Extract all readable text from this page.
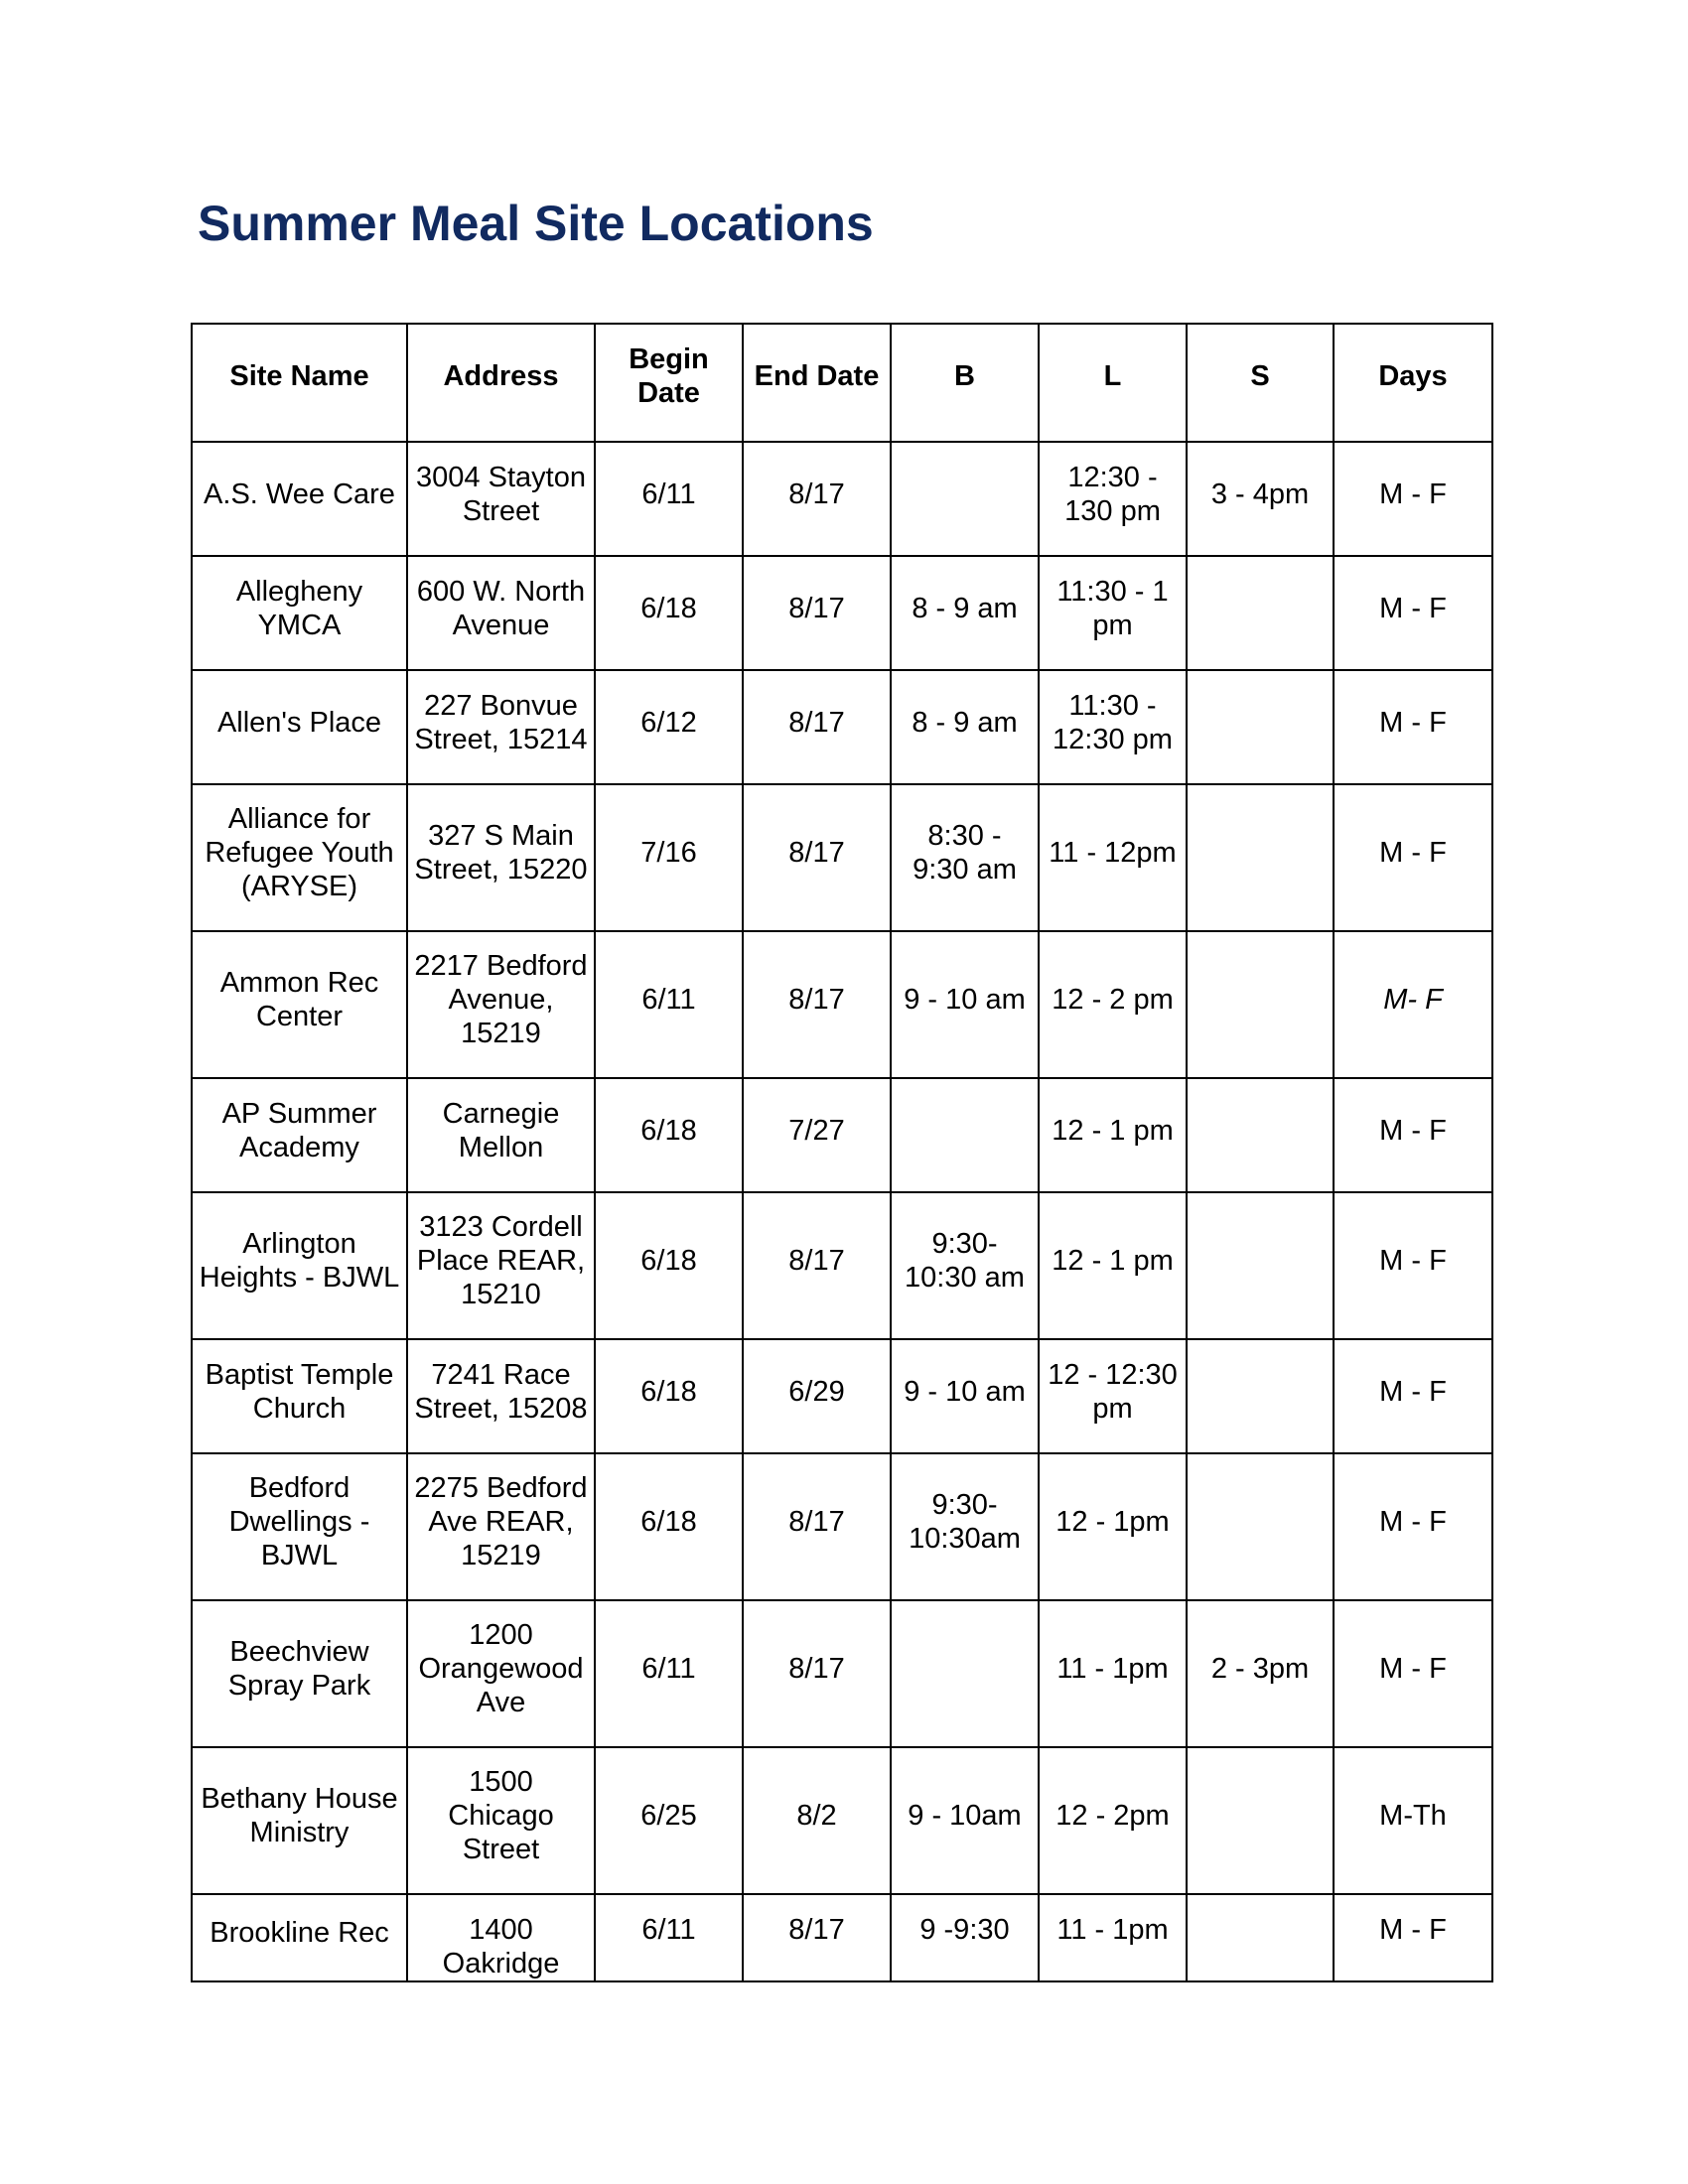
Summer Meal Site Locations
Site Name	Address	Begin
Date	End Date	B	L	S	Days
A.S. Wee Care	3004 Stayton
Street	6/11	8/17		12:30 -
130 pm	3 - 4pm	M - F
Allegheny
YMCA	600 W. North
Avenue	6/18	8/17	8 - 9 am	11:30 - 1
pm		M - F
Allen's Place	227 Bonvue
Street, 15214	6/12	8/17	8 - 9 am	11:30 -
12:30 pm		M - F
Alliance for
Refugee Youth
(ARYSE)	327 S Main
Street, 15220	7/16	8/17	8:30 -
9:30 am	11 - 12pm		M - F
Ammon Rec
Center	2217 Bedford
Avenue,
15219	6/11	8/17	9 - 10 am	12 - 2 pm		M- F
AP Summer
Academy	Carnegie
Mellon	6/18	7/27		12 - 1 pm		M - F
Arlington
Heights - BJWL	3123 Cordell
Place REAR,
15210	6/18	8/17	9:30-
10:30 am	12 - 1 pm		M - F
Baptist Temple
Church	7241 Race
Street, 15208	6/18	6/29	9 - 10 am	12 - 12:30
pm		M - F
Bedford
Dwellings -
BJWL	2275 Bedford
Ave REAR,
15219	6/18	8/17	9:30-
10:30am	12 - 1pm		M - F
Beechview
Spray Park	1200
Orangewood
Ave	6/11	8/17		11 - 1pm	2 - 3pm	M - F
Bethany House
Ministry	1500
Chicago
Street	6/25	8/2	9 - 10am	12 - 2pm		M-Th
Brookline Rec	1400
Oakridge	6/11	8/17	9 -9:30	11 - 1pm		M - F
